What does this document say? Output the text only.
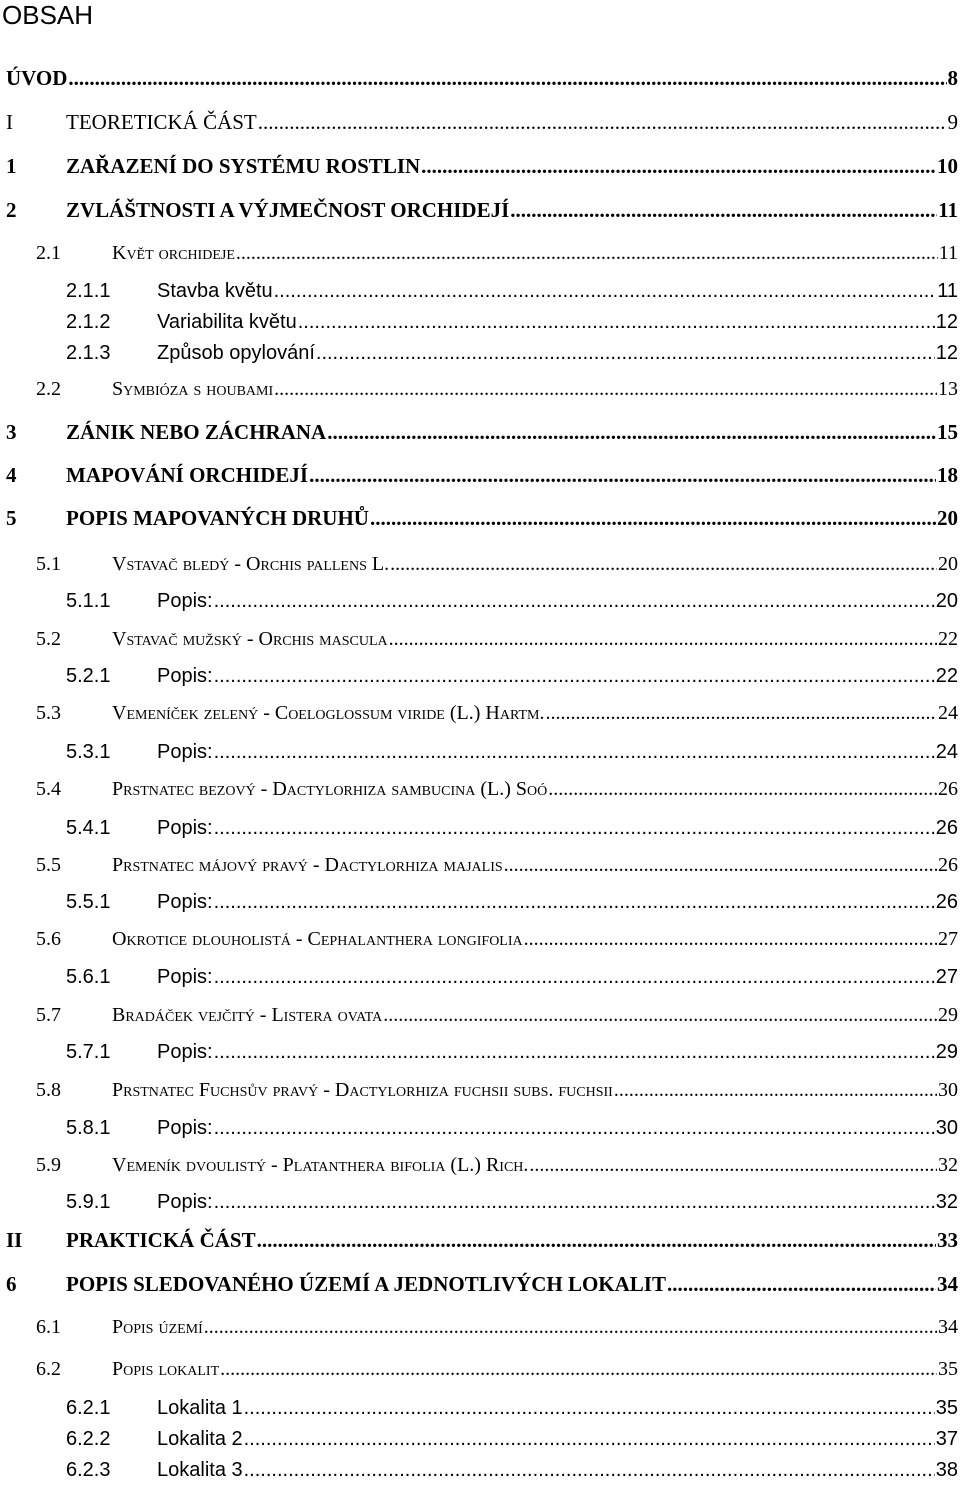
OBSAH
ÚVOD .....	8
I	TEORETICKÁ ČÁST .....	9
1 ZAŘAZENÍ DO SYSTÉMU ROSTLIN .....	10
2 ZVLÁŠTNOSTI A VÝJMEČNOST ORCHIDEJÍ .....	11
2.1	Květ orchideje .....	11
2.1.1 Stavba květu .....	11
2.1.2 Variabilita květu .....	12
2.1.3 Způsob opylování .....	12
2.2	Symbióza s houbami .....	13
3 ZÁNIK NEBO ZÁCHRANA .....	15
4 MAPOVÁNÍ ORCHIDEJÍ .....	18
5 POPIS MAPOVANÝCH DRUHŮ .....	20
5.1	Vstavač bledý - Orchis pallens L. .....	20
5.1.1 Popis: .....	20
5.2	Vstavač mužský - Orchis mascula .....	22
5.2.1 Popis: .....	22
5.3	Vemeníček zelený - Coeloglossum viride (L.) Hartm. .....	24
5.3.1 Popis: .....	24
5.4	Prstnatec bezový - Dactylorhiza sambucina (L.) Soó .....	26
5.4.1 Popis: .....	26
5.5	Prstnatec májový pravý - Dactylorhiza majalis .....	26
5.5.1 Popis: .....	26
5.6	Okrotice dlouholistá - Cephalanthera longifolia .....	27
5.6.1 Popis: .....	27
5.7	Bradáček vejčitý - Listera ovata .....	29
5.7.1 Popis: .....	29
5.8	Prstnatec Fuchsův pravý - Dactylorhiza fuchsii subs. fuchsii .....	30
5.8.1 Popis: .....	30
5.9	Vemeník dvoulistý - Platanthera bifolia (L.) Rich. .....	32
5.9.1 Popis: .....	32
II PRAKTICKÁ ČÁST .....	33
6 POPIS SLEDOVANÉHO ÚZEMÍ A JEDNOTLIVÝCH LOKALIT .....	34
6.1	Popis území .....	34
6.2	Popis lokalit .....	35
6.2.1 Lokalita 1 .....	35
6.2.2 Lokalita 2 .....	37
6.2.3 Lokalita 3 .....	38
